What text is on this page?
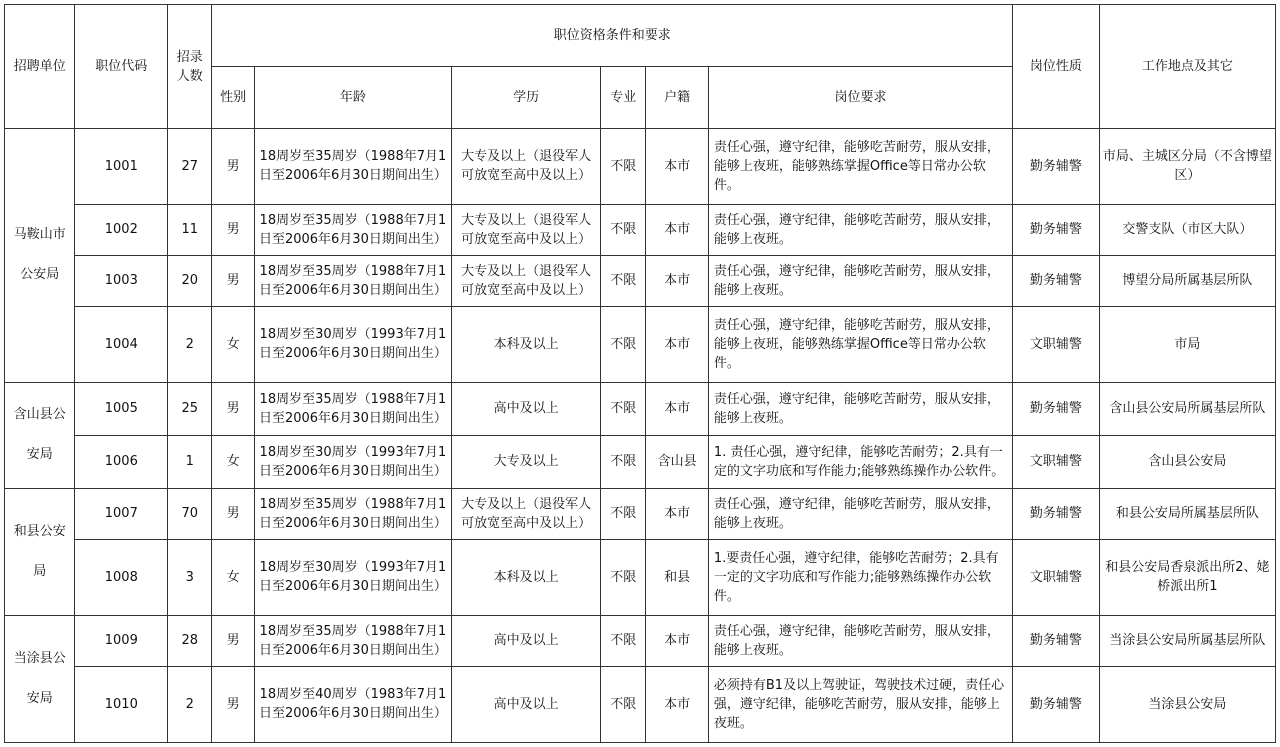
招聘单位	职位代码	招录人数	职位资格条件和要求						岗位性质	工作地点及其它
			性别	年龄	学历	专业	户籍	岗位要求		
马鞍山市公安局	1001	27	男	18周岁至35周岁（1988年7月1日至2006年6月30日期间出生）	大专及以上（退役军人可放宽至高中及以上）	不限	本市	责任心强，遵守纪律，能够吃苦耐劳，服从安排，能够上夜班，能够熟练掌握Office等日常办公软件。	勤务辅警	市局、主城区分局（不含博望区）
	1002	11	男	18周岁至35周岁（1988年7月1日至2006年6月30日期间出生）	大专及以上（退役军人可放宽至高中及以上）	不限	本市	责任心强，遵守纪律，能够吃苦耐劳，服从安排，能够上夜班。	勤务辅警	交警支队（市区大队）
	1003	20	男	18周岁至35周岁（1988年7月1日至2006年6月30日期间出生）	大专及以上（退役军人可放宽至高中及以上）	不限	本市	责任心强，遵守纪律，能够吃苦耐劳，服从安排，能够上夜班。	勤务辅警	博望分局所属基层所队
	1004	2	女	18周岁至30周岁（1993年7月1日至2006年6月30日期间出生）	本科及以上	不限	本市	责任心强，遵守纪律，能够吃苦耐劳，服从安排，能够上夜班，能够熟练掌握Office等日常办公软件。	文职辅警	市局
含山县公安局	1005	25	男	18周岁至35周岁（1988年7月1日至2006年6月30日期间出生）	高中及以上	不限	本市	责任心强，遵守纪律，能够吃苦耐劳，服从安排，能够上夜班。	勤务辅警	含山县公安局所属基层所队
	1006	1	女	18周岁至30周岁（1993年7月1日至2006年6月30日期间出生）	大专及以上	不限	含山县	1. 责任心强，遵守纪律，能够吃苦耐劳；2.具有一定的文字功底和写作能力;能够熟练操作办公软件。	文职辅警	含山县公安局
和县公安局	1007	70	男	18周岁至35周岁（1988年7月1日至2006年6月30日期间出生）	大专及以上（退役军人可放宽至高中及以上）	不限	本市	责任心强，遵守纪律，能够吃苦耐劳，服从安排，能够上夜班。	勤务辅警	和县公安局所属基层所队
	1008	3	女	18周岁至30周岁（1993年7月1日至2006年6月30日期间出生）	本科及以上	不限	和县	1.要责任心强，遵守纪律，能够吃苦耐劳；2.具有一定的文字功底和写作能力;能够熟练操作办公软件。	文职辅警	和县公安局香泉派出所2、姥桥派出所1
当涂县公安局	1009	28	男	18周岁至35周岁（1988年7月1日至2006年6月30日期间出生）	高中及以上	不限	本市	责任心强，遵守纪律，能够吃苦耐劳，服从安排，能够上夜班。	勤务辅警	当涂县公安局所属基层所队
	1010	2	男	18周岁至40周岁（1983年7月1日至2006年6月30日期间出生）	高中及以上	不限	本市	必须持有B1及以上驾驶证，驾驶技术过硬，责任心强，遵守纪律，能够吃苦耐劳，服从安排，能够上夜班。	勤务辅警	当涂县公安局
